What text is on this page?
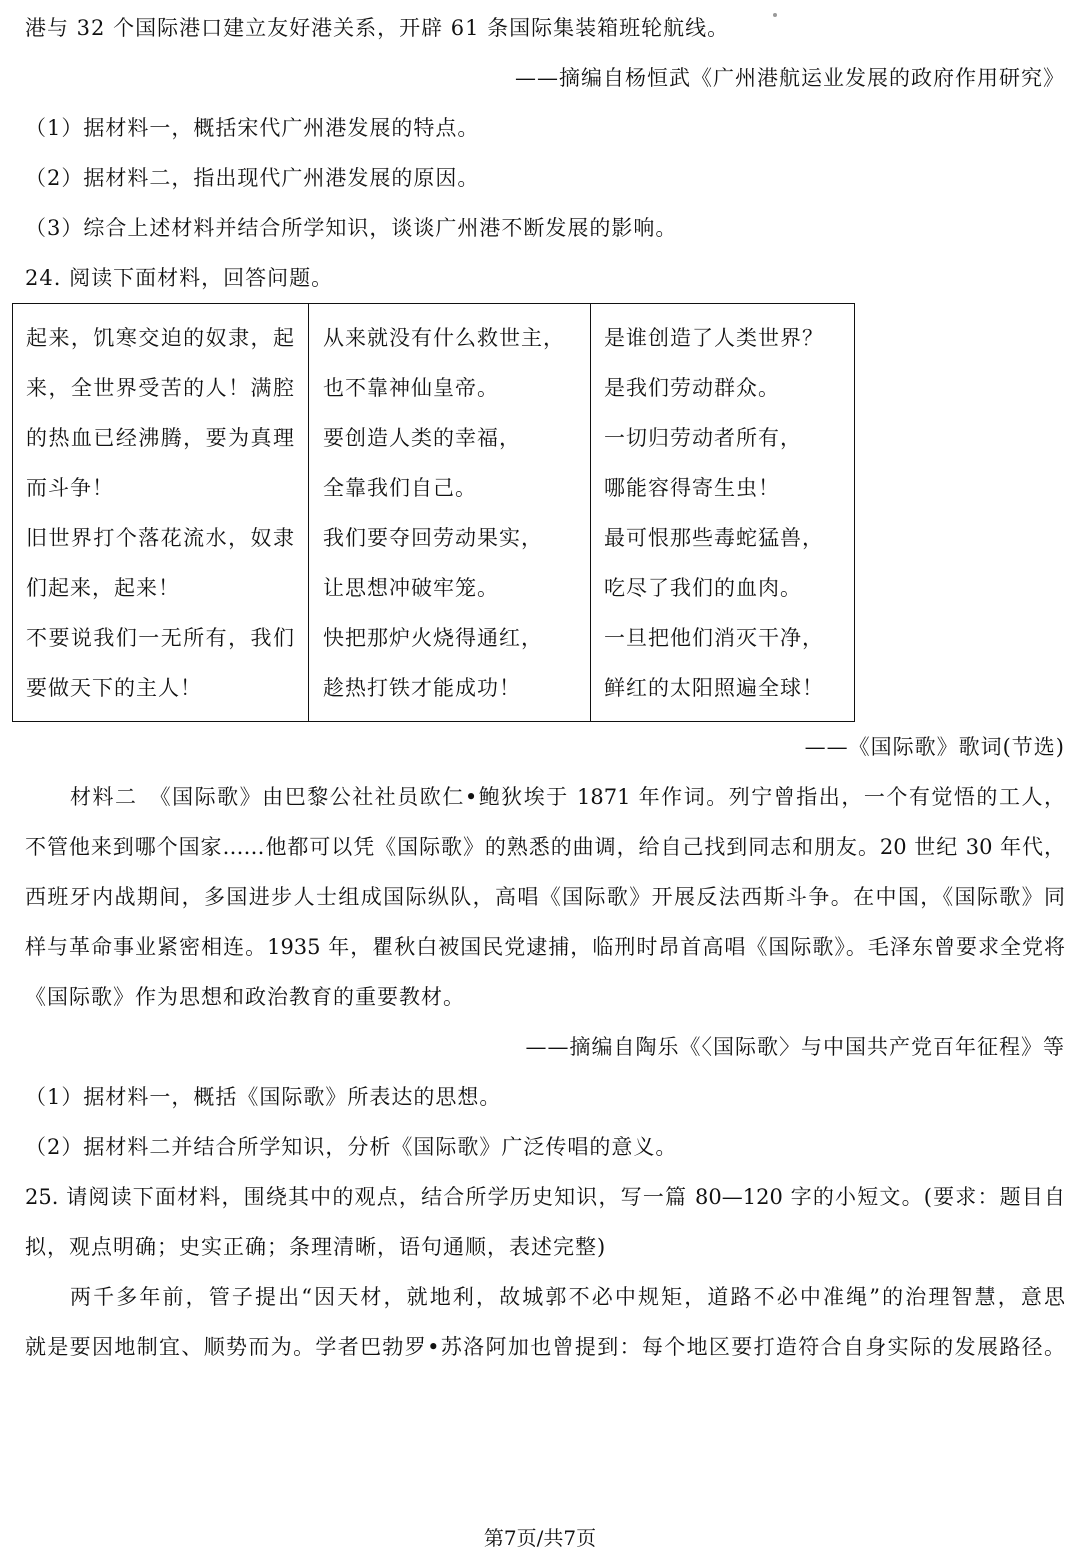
港与 32 个国际港口建立友好港关系，开辟 61 条国际集装箱班轮航线。
——摘编自杨恒武《广州港航运业发展的政府作用研究》
（1）据材料一，概括宋代广州港发展的特点。
（2）据材料二，指出现代广州港发展的原因。
（3）综合上述材料并结合所学知识，谈谈广州港不断发展的影响。
24. 阅读下面材料，回答问题。
起来，饥寒交迫的奴隶，起
来，全世界受苦的人！满腔
的热血已经沸腾，要为真理
而斗争！
旧世界打个落花流水，奴隶
们起来，起来！
不要说我们一无所有，我们
要做天下的主人！
从来就没有什么救世主，
也不靠神仙皇帝。
要创造人类的幸福，
全靠我们自己。
我们要夺回劳动果实，
让思想冲破牢笼。
快把那炉火烧得通红，
趁热打铁才能成功！
是谁创造了人类世界？
是我们劳动群众。
一切归劳动者所有，
哪能容得寄生虫！
最可恨那些毒蛇猛兽，
吃尽了我们的血肉。
一旦把他们消灭干净，
鲜红的太阳照遍全球！
——《国际歌》歌词(节选)
材料二　《国际歌》由巴黎公社社员欧仁•鲍狄埃于 1871 年作词。列宁曾指出，一个有觉悟的工人，
不管他来到哪个国家……他都可以凭《国际歌》的熟悉的曲调，给自己找到同志和朋友。20 世纪 30 年代，
西班牙内战期间，多国进步人士组成国际纵队，高唱《国际歌》开展反法西斯斗争。在中国，《国际歌》同
样与革命事业紧密相连。1935 年，瞿秋白被国民党逮捕，临刑时昂首高唱《国际歌》。毛泽东曾要求全党将
《国际歌》作为思想和政治教育的重要教材。
——摘编自陶乐《〈国际歌〉与中国共产党百年征程》等
（1）据材料一，概括《国际歌》所表达的思想。
（2）据材料二并结合所学知识，分析《国际歌》广泛传唱的意义。
25. 请阅读下面材料，围绕其中的观点，结合所学历史知识，写一篇 80—120 字的小短文。(要求：题目自
拟，观点明确；史实正确；条理清晰，语句通顺，表述完整)
两千多年前，管子提出“因天材，就地利，故城郭不必中规矩，道路不必中准绳”的治理智慧，意思
就是要因地制宜、顺势而为。学者巴勃罗•苏洛阿加也曾提到：每个地区要打造符合自身实际的发展路径。
第7页/共7页
